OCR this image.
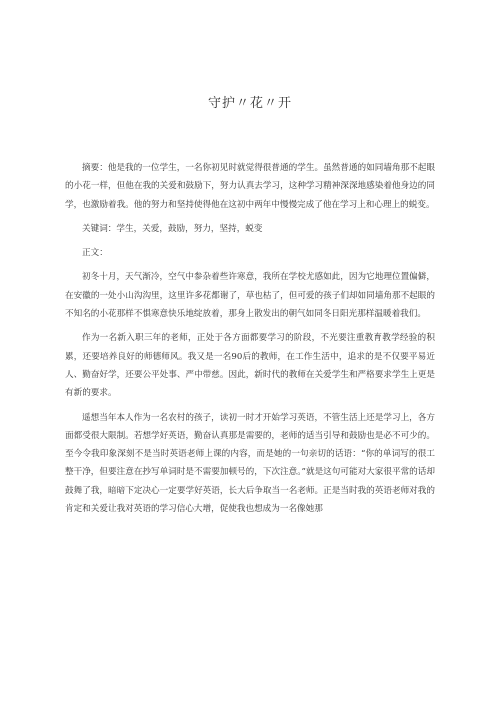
守护〃花〃开

摘要：他是我的一位学生，一名你初见时就觉得很普通的学生。虽然普通的如同墙角那不起眼的小花一样，但他在我的关爱和鼓励下，努力认真去学习，这种学习精神深深地感染着他身边的同学，也激励着我。他的努力和坚持使得他在这初中两年中慢慢完成了他在学习上和心理上的蜕变。

关键词：学生，关爱，鼓励，努力，坚持，蜕变

正文：

初冬十月，天气渐冷，空气中参杂着些许寒意，我所在学校尤感如此，因为它地理位置偏僻，在安徽的一处小山沟沟里，这里许多花都谢了，草也枯了，但可爱的孩子们却如同墙角那不起眼的不知名的小花那样不惧寒意快乐地绽放着，那身上散发出的朝气如同冬日阳光那样温暖着我们。

作为一名新入职三年的老师，正处于各方面都要学习的阶段，不光要注重教育教学经验的积累，还要培养良好的师德师风。我又是一名90后的教师，在工作生活中，追求的是不仅要平易近人、勤奋好学，还要公平处事、严中带慈。因此，新时代的教师在关爱学生和严格要求学生上更是有新的要求。

遥想当年本人作为一名农村的孩子，读初一时才开始学习英语，不管生活上还是学习上，各方面都受很大限制。若想学好英语，勤奋认真那是需要的，老师的适当引导和鼓励也是必不可少的。至今令我印象深刻不是当时英语老师上课的内容，而是她的一句亲切的话语：“你的单词写的很工整干净，但要注意在抄写单词时是不需要加顿号的，下次注意。”就是这句可能对大家很平常的话却鼓舞了我，暗暗下定决心一定要学好英语，长大后争取当一名老师。正是当时我的英语老师对我的肯定和关爱让我对英语的学习信心大增，促使我也想成为一名像她那
